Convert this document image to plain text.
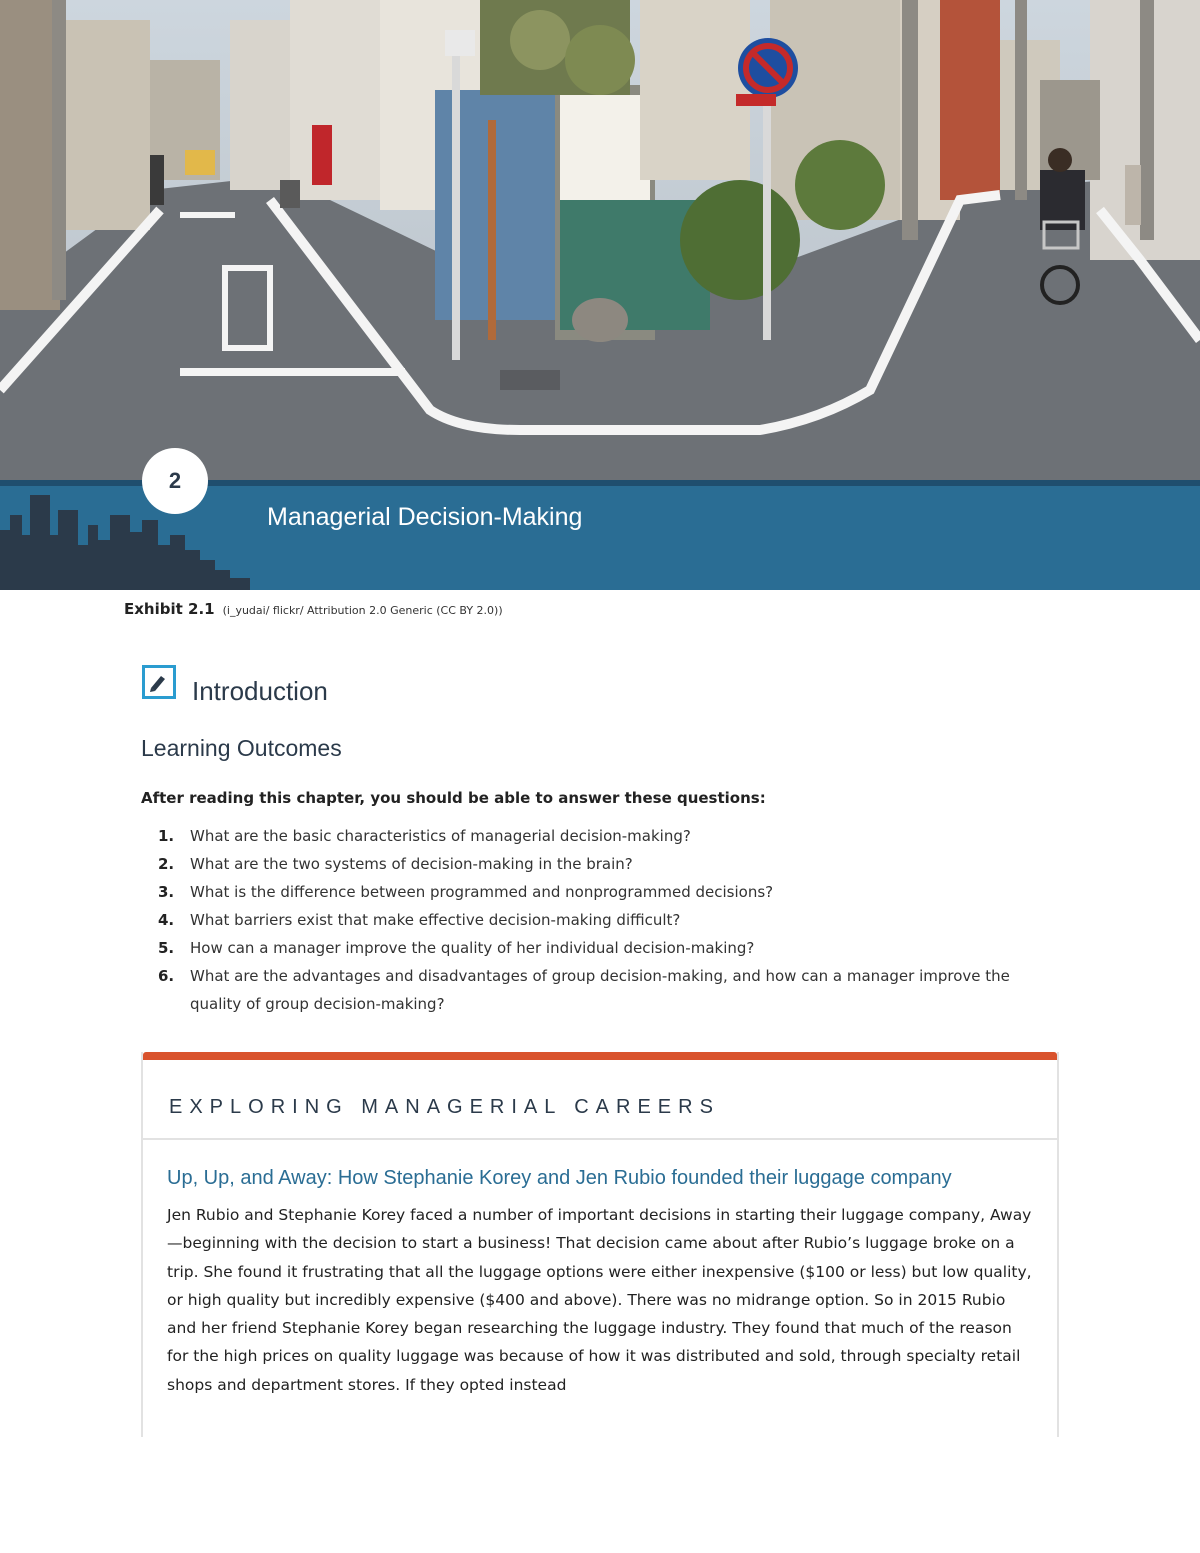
2
Managerial Decision-Making
Exhibit 2.1 (i_yudai/ flickr/ Attribution 2.0 Generic (CC BY 2.0))
Introduction
Learning Outcomes
After reading this chapter, you should be able to answer these questions:
1. What are the basic characteristics of managerial decision-making?
2. What are the two systems of decision-making in the brain?
3. What is the difference between programmed and nonprogrammed decisions?
4. What barriers exist that make effective decision-making difficult?
5. How can a manager improve the quality of her individual decision-making?
6. What are the advantages and disadvantages of group decision-making, and how can a manager improve the quality of group decision-making?
EXPLORING MANAGERIAL CAREERS
Up, Up, and Away: How Stephanie Korey and Jen Rubio founded their luggage company

Jen Rubio and Stephanie Korey faced a number of important decisions in starting their luggage company, Away—beginning with the decision to start a business! That decision came about after Rubio’s luggage broke on a trip. She found it frustrating that all the luggage options were either inexpensive ($100 or less) but low quality, or high quality but incredibly expensive ($400 and above). There was no midrange option. So in 2015 Rubio and her friend Stephanie Korey began researching the luggage industry. They found that much of the reason for the high prices on quality luggage was because of how it was distributed and sold, through specialty retail shops and department stores. If they opted instead
